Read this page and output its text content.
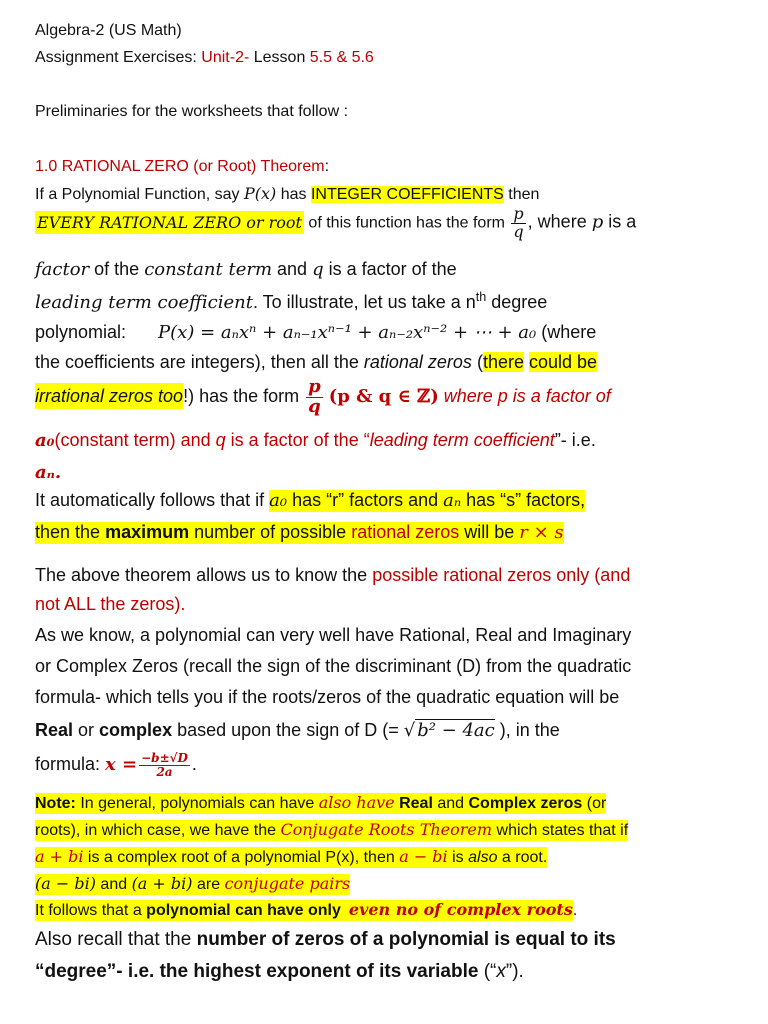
Algebra-2 (US Math)
Assignment Exercises: Unit-2- Lesson 5.5 & 5.6
Preliminaries for the worksheets that follow :
1.0 RATIONAL ZERO (or Root) Theorem:
If a Polynomial Function, say P(x) has INTEGER COEFFICIENTS then
EVERY RATIONAL ZERO or root of this function has the form $\frac{p}{q}$ , where p is a
factor of the constant term and q is a factor of the
leading term coefficient. To illustrate, let us take a $n^{th}$ degree
polynomial: P(x) = aₙxⁿ + aₙ₋₁xⁿ⁻¹ + aₙ₋₂xⁿ⁻² + ⋯ + a₀ (where
the coefficients are integers), then all the rational zeros (there could be
irrational zeros too!) has the form $\frac{p}{q} (p$ & q ∈ ℤ) where p is a factor of
a₀(constant term) and q is a factor of the “leading term coefficient”- i.e.
aₙ.
It automatically follows that if a₀ has “r” factors and aₙ has “s” factors,
then the maximum number of possible rational zeros will be r × s
The above theorem allows us to know the possible rational zeros only (and
not ALL the zeros).
As we know, a polynomial can very well have Rational, Real and Imaginary
or Complex Zeros (recall the sign of the discriminant (D) from the quadratic
formula- which tells you if the roots/zeros of the quadratic equation will be
Real or complex based upon the sign of D (= √ b² − 4ac ), in the
formula: $x = \frac{-b\pm√D}{2a}$ .
Note: In general, polynomials can have also have Real and Complex zeros (or
roots), in which case, we have the Conjugate Roots Theorem which states that if
a + bi is a complex root of a polynomial P(x), then a − bi is also a root.
(a − bi) and (a + bi) are conjugate pairs
It follows that a polynomial can have only even no of complex roots.
Also recall that the number of zeros of a polynomial is equal to its
“degree”- i.e. the highest exponent of its variable (“x”).
